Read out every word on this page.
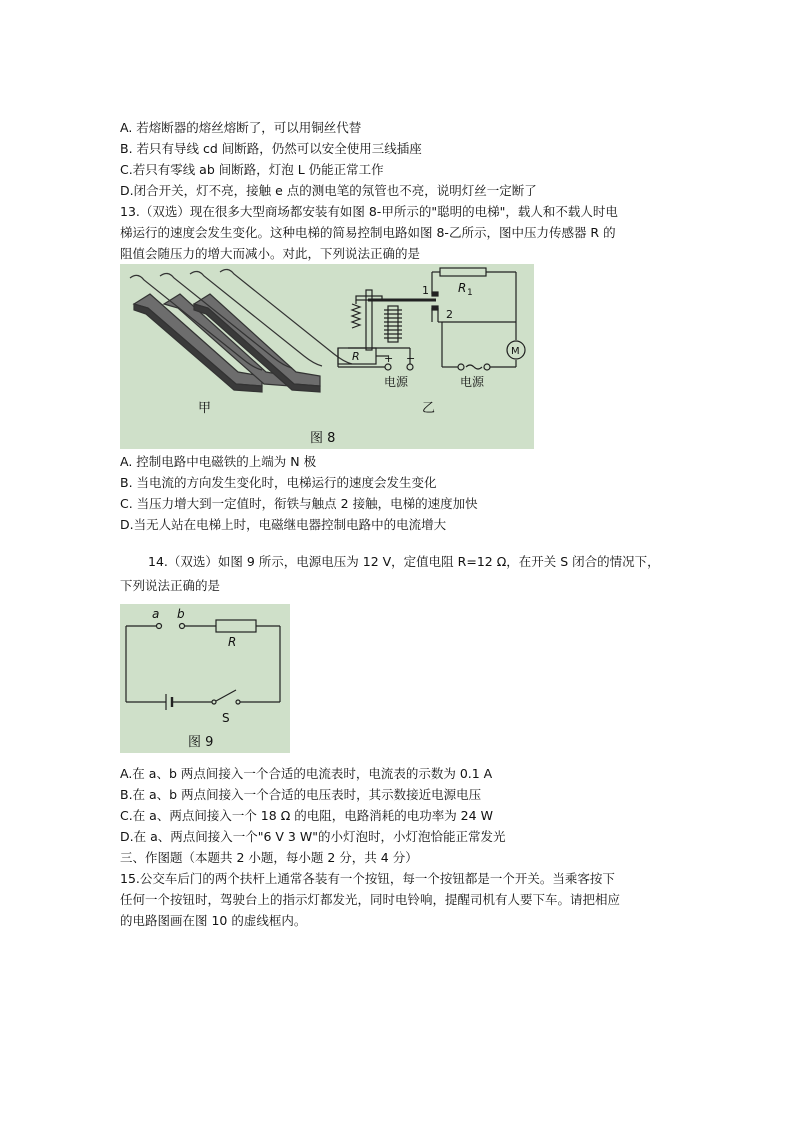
A. 若熔断器的熔丝熔断了，可以用铜丝代替
B. 若只有导线 cd 间断路，仍然可以安全使用三线插座
C.若只有零线 ab 间断路，灯泡 L 仍能正常工作
D.闭合开关，灯不亮，接触 e 点的测电笔的氖管也不亮，说明灯丝一定断了
13.（双选）现在很多大型商场都安装有如图 8-甲所示的"聪明的电梯"，载人和不载人时电
梯运行的速度会发生变化。这种电梯的简易控制电路如图 8-乙所示，图中压力传感器 R 的
阻值会随压力的增大而减小。对此，下列说法正确的是
甲
R 1
1
2
M
R + −
电源	电源
乙
图 8
A. 控制电路中电磁铁的上端为 N 极
B. 当电流的方向发生变化时，电梯运行的速度会发生变化
C. 当压力增大到一定值时，衔铁与触点 2 接触，电梯的速度加快
D.当无人站在电梯上时，电磁继电器控制电路中的电流增大
14.（双选）如图 9 所示，电源电压为 12 V，定值电阻 R=12 Ω，在开关 S 闭合的情况下，
下列说法正确的是
a b
R
S
图 9
A.在 a、b 两点间接入一个合适的电流表时，电流表的示数为 0.1 A
B.在 a、b 两点间接入一个合适的电压表时，其示数接近电源电压
C.在 a、两点间接入一个 18 Ω 的电阻，电路消耗的电功率为 24 W
D.在 a、两点间接入一个"6 V 3 W"的小灯泡时，小灯泡恰能正常发光
三、作图题（本题共 2 小题，每小题 2 分，共 4 分）
15.公交车后门的两个扶杆上通常各装有一个按钮，每一个按钮都是一个开关。当乘客按下
任何一个按钮时，驾驶台上的指示灯都发光，同时电铃响，提醒司机有人要下车。请把相应
的电路图画在图 10 的虚线框内。
